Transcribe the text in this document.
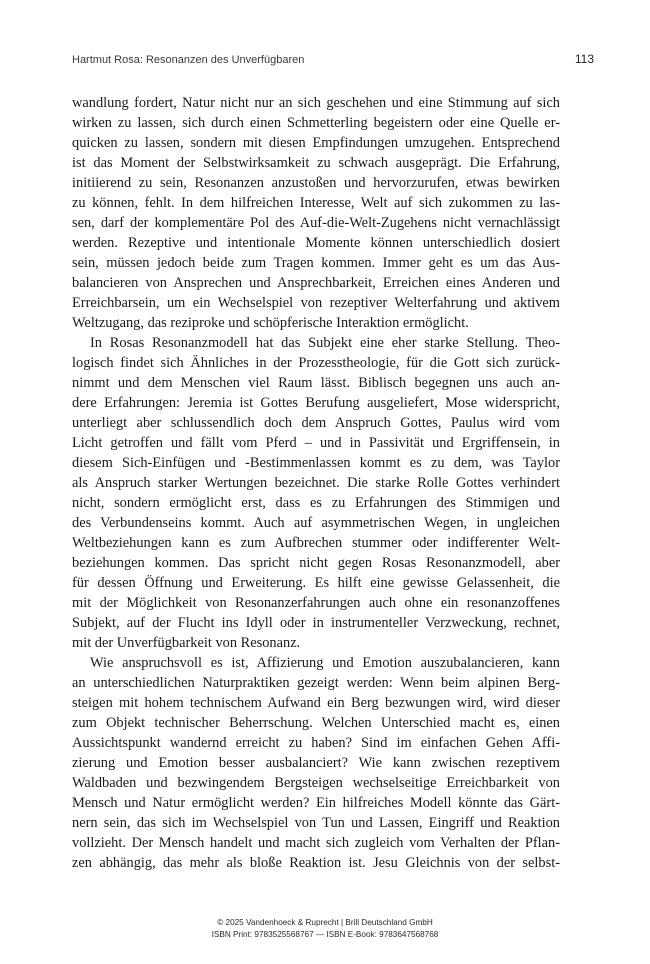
Hartmut Rosa: Resonanzen des Unverfügbaren	113
wandlung fordert, Natur nicht nur an sich geschehen und eine Stimmung auf sich
wirken zu lassen, sich durch einen Schmetterling begeistern oder eine Quelle er-
quicken zu lassen, sondern mit diesen Empfindungen umzugehen. Entsprechend
ist das Moment der Selbstwirksamkeit zu schwach ausgeprägt. Die Erfahrung,
initiierend zu sein, Resonanzen anzustoßen und hervorzurufen, etwas bewirken
zu können, fehlt. In dem hilfreichen Interesse, Welt auf sich zukommen zu las-
sen, darf der komplementäre Pol des Auf-die-Welt-Zugehens nicht vernachlässigt
werden. Rezeptive und intentionale Momente können unterschiedlich dosiert
sein, müssen jedoch beide zum Tragen kommen. Immer geht es um das Aus-
balancieren von Ansprechen und Ansprechbarkeit, Erreichen eines Anderen und
Erreichbarsein, um ein Wechselspiel von rezeptiver Welterfahrung und aktivem
Weltzugang, das reziproke und schöpferische Interaktion ermöglicht.
In Rosas Resonanzmodell hat das Subjekt eine eher starke Stellung. Theo-
logisch findet sich Ähnliches in der Prozesstheologie, für die Gott sich zurück-
nimmt und dem Menschen viel Raum lässt. Biblisch begegnen uns auch an-
dere Erfahrungen: Jeremia ist Gottes Berufung ausgeliefert, Mose widerspricht,
unterliegt aber schlussendlich doch dem Anspruch Gottes, Paulus wird vom
Licht getroffen und fällt vom Pferd – und in Passivität und Ergriffensein, in
diesem Sich-Einfügen und -Bestimmenlassen kommt es zu dem, was Taylor
als Anspruch starker Wertungen bezeichnet. Die starke Rolle Gottes verhindert
nicht, sondern ermöglicht erst, dass es zu Erfahrungen des Stimmigen und
des Verbundenseins kommt. Auch auf asymmetrischen Wegen, in ungleichen
Weltbeziehungen kann es zum Aufbrechen stummer oder indifferenter Welt-
beziehungen kommen. Das spricht nicht gegen Rosas Resonanzmodell, aber
für dessen Öffnung und Erweiterung. Es hilft eine gewisse Gelassenheit, die
mit der Möglichkeit von Resonanzerfahrungen auch ohne ein resonanzoffenes
Subjekt, auf der Flucht ins Idyll oder in instrumenteller Verzweckung, rechnet,
mit der Unverfügbarkeit von Resonanz.
Wie anspruchsvoll es ist, Affizierung und Emotion auszubalancieren, kann
an unterschiedlichen Naturpraktiken gezeigt werden: Wenn beim alpinen Berg-
steigen mit hohem technischem Aufwand ein Berg bezwungen wird, wird dieser
zum Objekt technischer Beherrschung. Welchen Unterschied macht es, einen
Aussichtspunkt wandernd erreicht zu haben? Sind im einfachen Gehen Affi-
zierung und Emotion besser ausbalanciert? Wie kann zwischen rezeptivem
Waldbaden und bezwingendem Bergsteigen wechselseitige Erreichbarkeit von
Mensch und Natur ermöglicht werden? Ein hilfreiches Modell könnte das Gärt-
nern sein, das sich im Wechselspiel von Tun und Lassen, Eingriff und Reaktion
vollzieht. Der Mensch handelt und macht sich zugleich vom Verhalten der Pflan-
zen abhängig, das mehr als bloße Reaktion ist. Jesu Gleichnis von der selbst-
© 2025 Vandenhoeck & Ruprecht | Brill Deutschland GmbH
ISBN Print: 9783525568767 — ISBN E-Book: 9783647568768
